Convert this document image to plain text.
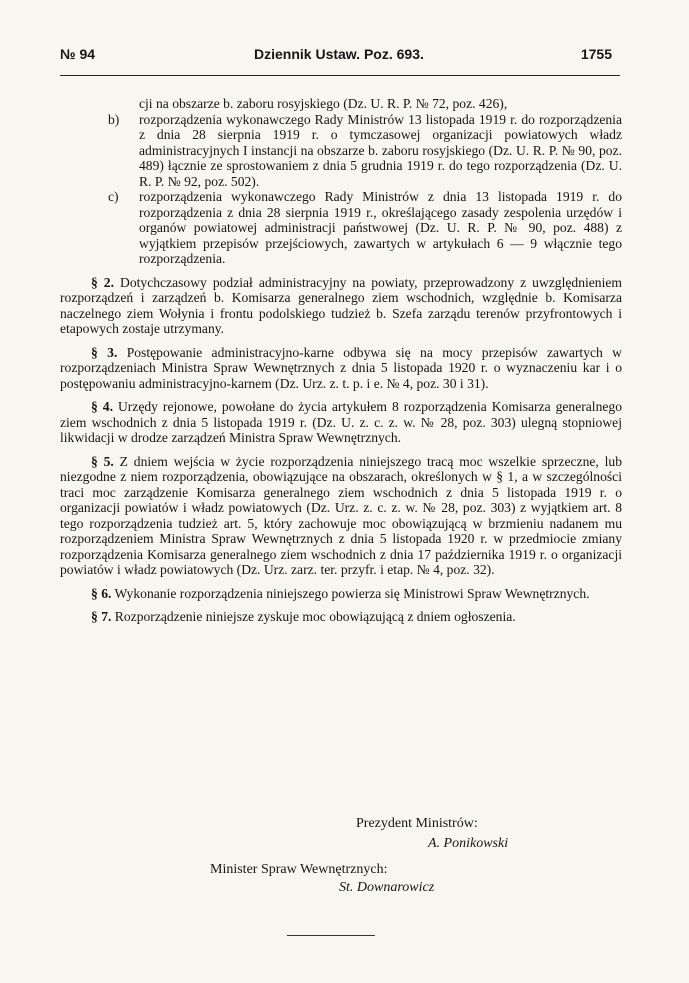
№ 94	Dziennik Ustaw. Poz. 693.	1755

cji na obszarze b. zaboru rosyjskiego (Dz. U. R. P. № 72, poz. 426),

b) rozporządzenia wykonawczego Rady Ministrów 13 listopada 1919 r. do rozporządzenia z dnia 28 sierpnia 1919 r. o tymczasowej organizacji powiatowych władz administracyjnych I instancji na obszarze b. zaboru rosyjskiego (Dz. U. R. P. № 90, poz. 489) łącznie ze sprostowaniem z dnia 5 grudnia 1919 r. do tego rozporządzenia (Dz. U. R. P. № 92, poz. 502).

c) rozporządzenia wykonawczego Rady Ministrów z dnia 13 listopada 1919 r. do rozporządzenia z dnia 28 sierpnia 1919 r., określającego zasady zespolenia urzędów i organów powiatowej administracji państwowej (Dz. U. R. P. № 90, poz. 488) z wyjątkiem przepisów przejściowych, zawartych w artykułach 6 — 9 włącznie tego rozporządzenia.

§ 2. Dotychczasowy podział administracyjny na powiaty, przeprowadzony z uwzględnieniem rozporządzeń i zarządzeń b. Komisarza generalnego ziem wschodnich, względnie b. Komisarza naczelnego ziem Wołynia i frontu podolskiego tudzież b. Szefa zarządu terenów przyfrontowych i etapowych zostaje utrzymany.

§ 3. Postępowanie administracyjno-karne odbywa się na mocy przepisów zawartych w rozporządzeniach Ministra Spraw Wewnętrznych z dnia 5 listopada 1920 r. o wyznaczeniu kar i o postępowaniu administracyjno-karnem (Dz. Urz. z. t. p. i e. № 4, poz. 30 i 31).

§ 4. Urzędy rejonowe, powołane do życia artykułem 8 rozporządzenia Komisarza generalnego ziem wschodnich z dnia 5 listopada 1919 r. (Dz. U. z. c. z. w. № 28, poz. 303) ulegną stopniowej likwidacji w drodze zarządzeń Ministra Spraw Wewnętrznych.

§ 5. Z dniem wejścia w życie rozporządzenia niniejszego tracą moc wszelkie sprzeczne, lub niezgodne z niem rozporządzenia, obowiązujące na obszarach, określonych w § 1, a w szczególności traci moc zarządzenie Komisarza generalnego ziem wschodnich z dnia 5 listopada 1919 r. o organizacji powiatów i władz powiatowych (Dz. Urz. z. c. z. w. № 28, poz. 303) z wyjątkiem art. 8 tego rozporządzenia tudzież art. 5, który zachowuje moc obowiązującą w brzmieniu nadanem mu rozporządzeniem Ministra Spraw Wewnętrznych z dnia 5 listopada 1920 r. w przedmiocie zmiany rozporządzenia Komisarza generalnego ziem wschodnich z dnia 17 października 1919 r. o organizacji powiatów i władz powiatowych (Dz. Urz. zarz. ter. przyfr. i etap. № 4, poz. 32).

§ 6. Wykonanie rozporządzenia niniejszego powierza się Ministrowi Spraw Wewnętrznych.

§ 7. Rozporządzenie niniejsze zyskuje moc obowiązującą z dniem ogłoszenia.

Prezydent Ministrów:
A. Ponikowski
Minister Spraw Wewnętrznych:
St. Downarowicz
